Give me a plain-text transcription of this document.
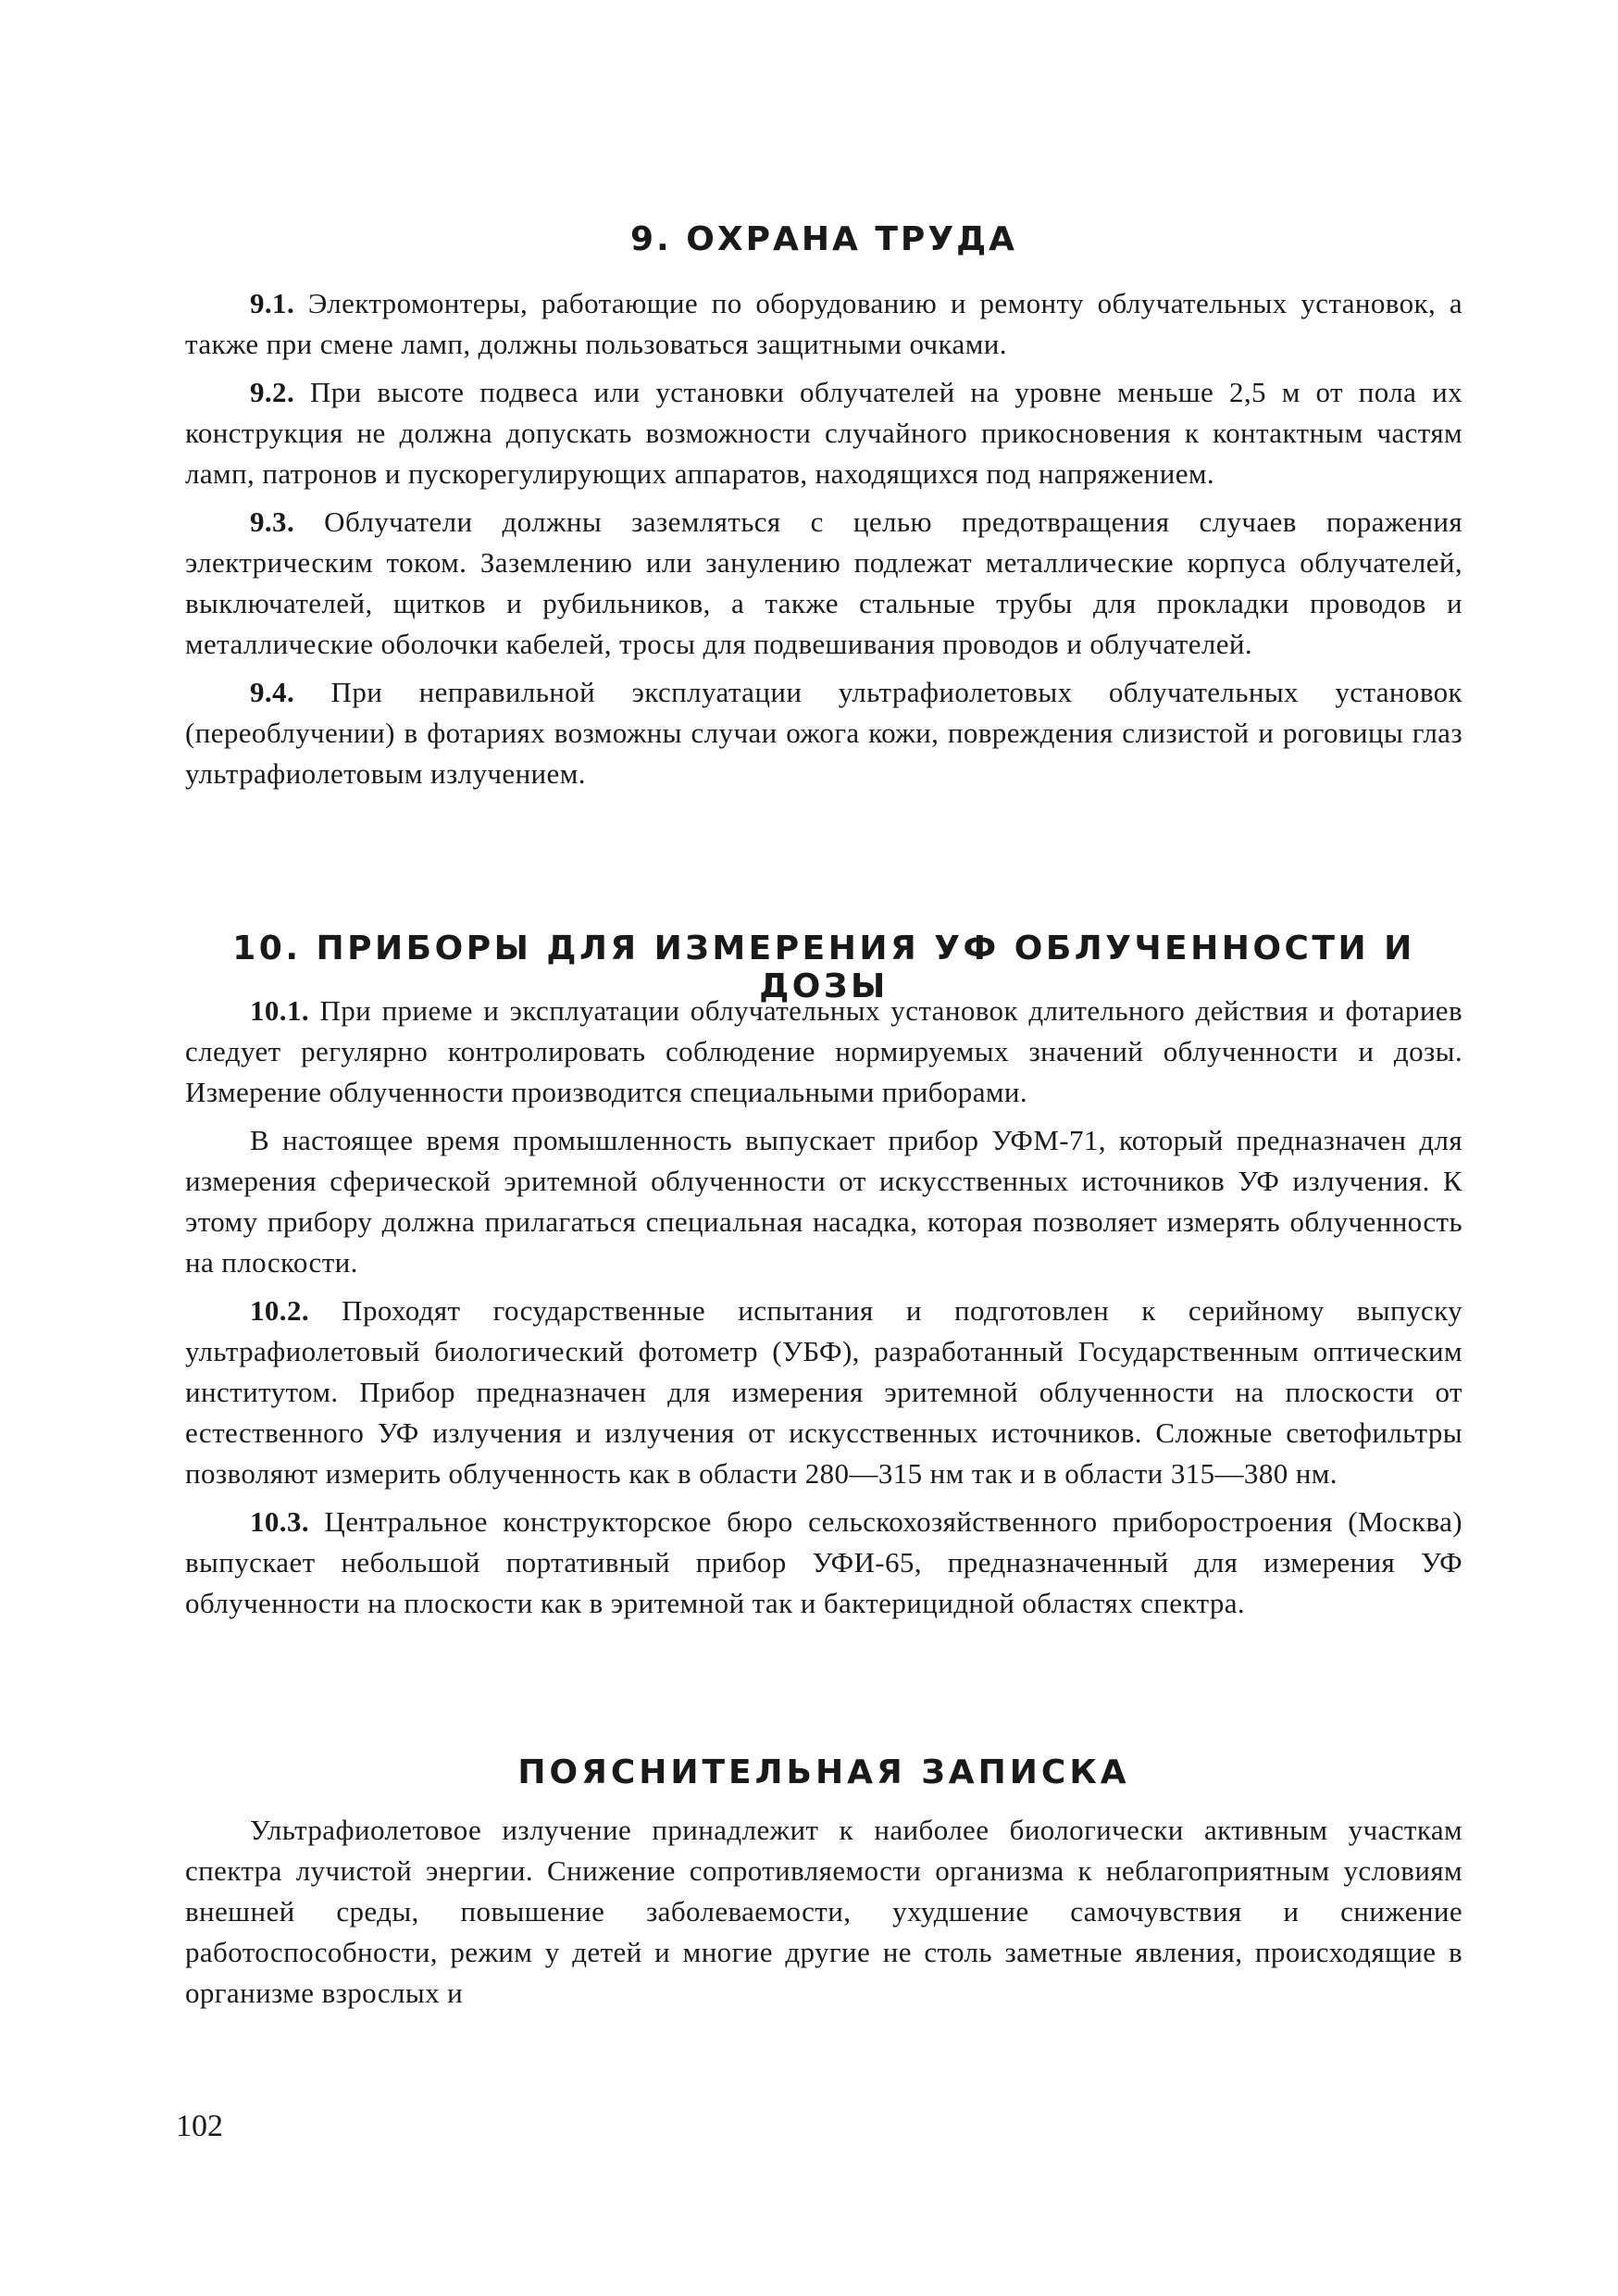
9. ОХРАНА ТРУДА

9.1. Электромонтеры, работающие по оборудованию и ремонту облучательных установок, а также при смене ламп, должны пользоваться защитными очками.

9.2. При высоте подвеса или установки облучателей на уровне меньше 2,5 м от пола их конструкция не должна допускать возможности случайного прикосновения к контактным частям ламп, патронов и пускорегулирующих аппаратов, находящихся под напряжением.

9.3. Облучатели должны заземляться с целью предотвращения случаев поражения электрическим током. Заземлению или занулению подлежат металлические корпуса облучателей, выключателей, щитков и рубильников, а также стальные трубы для прокладки проводов и металлические оболочки кабелей, тросы для подвешивания проводов и облучателей.

9.4. При неправильной эксплуатации ультрафиолетовых облучательных установок (переоблучении) в фотариях возможны случаи ожога кожи, повреждения слизистой и роговицы глаз ультрафиолетовым излучением.

10. ПРИБОРЫ ДЛЯ ИЗМЕРЕНИЯ УФ ОБЛУЧЕННОСТИ И ДОЗЫ

10.1. При приеме и эксплуатации облучательных установок длительного действия и фотариев следует регулярно контролировать соблюдение нормируемых значений облученности и дозы. Измерение облученности производится специальными приборами.

В настоящее время промышленность выпускает прибор УФМ-71, который предназначен для измерения сферической эритемной облученности от искусственных источников УФ излучения. К этому прибору должна прилагаться специальная насадка, которая позволяет измерять облученность на плоскости.

10.2. Проходят государственные испытания и подготовлен к серийному выпуску ультрафиолетовый биологический фотометр (УБФ), разработанный Государственным оптическим институтом. Прибор предназначен для измерения эритемной облученности на плоскости от естественного УФ излучения и излучения от искусственных источников. Сложные светофильтры позволяют измерить облученность как в области 280—315 нм так и в области 315—380 нм.

10.3. Центральное конструкторское бюро сельскохозяйственного приборостроения (Москва) выпускает небольшой портативный прибор УФИ-65, предназначенный для измерения УФ облученности на плоскости как в эритемной так и бактерицидной областях спектра.

ПОЯСНИТЕЛЬНАЯ ЗАПИСКА

Ультрафиолетовое излучение принадлежит к наиболее биологически активным участкам спектра лучистой энергии. Снижение сопротивляемости организма к неблагоприятным условиям внешней среды, повышение заболеваемости, ухудшение самочувствия и снижение работоспособности, режим у детей и многие другие не столь заметные явления, происходящие в организме взрослых и

102
